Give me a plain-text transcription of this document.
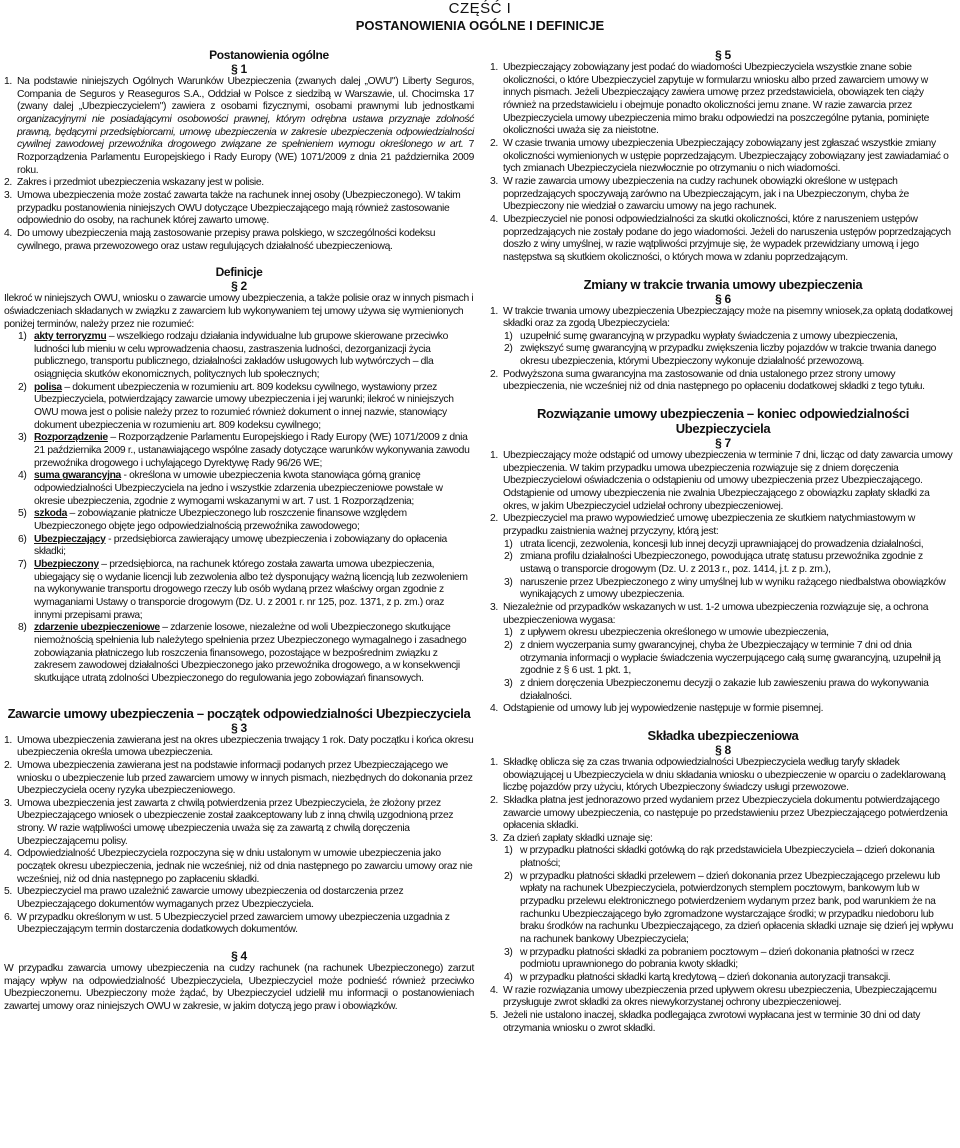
CZĘŚĆ I
POSTANOWIENIA OGÓLNE I DEFINICJE

Postanowienia ogólne

§ 1

1. Na podstawie niniejszych Ogólnych Warunków Ubezpieczenia (zwanych dalej „OWU") Liberty Seguros, Compania de Seguros y Reaseguros S.A., Oddział w Polsce z siedzibą w Warszawie, ul. Chocimska 17 (zwany dalej „Ubezpieczycielem") zawiera z osobami fizycznymi, osobami prawnymi lub jednostkami organizacyjnymi nie posiadającymi osobowości prawnej, którym odrębna ustawa przyznaje zdolność prawną, będącymi przedsiębiorcami, umowę ubezpieczenia w zakresie ubezpieczenia odpowiedzialności cywilnej zawodowej przewoźnika drogowego związane ze spełnieniem wymogu określonego w art. 7 Rozporządzenia Parlamentu Europejskiego i Rady Europy (WE) 1071/2009 z dnia 21 października 2009 roku.

2. Zakres i przedmiot ubezpieczenia wskazany jest w polisie.

3. Umowa ubezpieczenia może zostać zawarta także na rachunek innej osoby (Ubezpieczonego). W takim przypadku postanowienia niniejszych OWU dotyczące Ubezpieczającego mają również zastosowanie odpowiednio do osoby, na rachunek której zawarto umowę.

4. Do umowy ubezpieczenia mają zastosowanie przepisy prawa polskiego, w szczególności kodeksu cywilnego, prawa przewozowego oraz ustaw regulujących działalność ubezpieczeniową.

Definicje

§ 2

Ilekroć w niniejszych OWU, wniosku o zawarcie umowy ubezpieczenia, a także polisie oraz w innych pismach i oświadczeniach składanych w związku z zawarciem lub wykonywaniem tej umowy używa się wymienionych poniżej terminów, należy przez nie rozumieć:

1) akty terroryzmu – wszelkiego rodzaju działania indywidualne lub grupowe skierowane przeciwko ludności lub mieniu w celu wprowadzenia chaosu, zastraszenia ludności, dezorganizacji życia publicznego, transportu publicznego, działalności zakładów usługowych lub wytwórczych – dla osiągnięcia skutków ekonomicznych, politycznych lub społecznych;

2) polisa – dokument ubezpieczenia w rozumieniu art. 809 kodeksu cywilnego, wystawiony przez Ubezpieczyciela, potwierdzający zawarcie umowy ubezpieczenia i jej warunki; ilekroć w niniejszych OWU mowa jest o polisie należy przez to rozumieć również dokument o innej nazwie, stanowiący dokument ubezpieczenia w rozumieniu art. 809 kodeksu cywilnego;

3) Rozporządzenie – Rozporządzenie Parlamentu Europejskiego i Rady Europy (WE) 1071/2009 z dnia 21 października 2009 r., ustanawiającego wspólne zasady dotyczące warunków wykonywania zawodu przewoźnika drogowego i uchylającego Dyrektywę Rady 96/26 WE;

4) suma gwarancyjna - określona w umowie ubezpieczenia kwota stanowiąca górną granicę odpowiedzialności Ubezpieczyciela na jedno i wszystkie zdarzenia ubezpieczeniowe powstałe w okresie ubezpieczenia, zgodnie z wymogami wskazanymi w art. 7 ust. 1 Rozporządzenia;

5) szkoda – zobowiązanie płatnicze Ubezpieczonego lub roszczenie finansowe względem Ubezpieczonego objęte jego odpowiedzialnością przewoźnika zawodowego;

6) Ubezpieczający - przedsiębiorca zawierający umowę ubezpieczenia i zobowiązany do opłacenia składki;

7) Ubezpieczony – przedsiębiorca, na rachunek którego została zawarta umowa ubezpieczenia, ubiegający się o wydanie licencji lub zezwolenia albo też dysponujący ważną licencją lub zezwoleniem na wykonywanie transportu drogowego rzeczy lub osób wydaną przez właściwy organ zgodnie z wymaganiami Ustawy o transporcie drogowym (Dz. U. z 2001 r. nr 125, poz. 1371, z p. zm.) oraz innymi przepisami prawa;

8) zdarzenie ubezpieczeniowe – zdarzenie losowe, niezależne od woli Ubezpieczonego skutkujące niemożnością spełnienia lub należytego spełnienia przez Ubezpieczonego wymagalnego i zasadnego zobowiązania płatniczego lub roszczenia finansowego, pozostające w bezpośrednim związku z zakresem zawodowej działalności Ubezpieczonego jako przewoźnika drogowego, a w konsekwencji skutkujące utratą zdolności Ubezpieczonego do regulowania jego zobowiązań finansowych.

Zawarcie umowy ubezpieczenia – początek odpowiedzialności Ubezpieczyciela

§ 3

1. Umowa ubezpieczenia zawierana jest na okres ubezpieczenia trwający 1 rok. Daty początku i końca okresu ubezpieczenia określa umowa ubezpieczenia.

2. Umowa ubezpieczenia zawierana jest na podstawie informacji podanych przez Ubezpieczającego we wniosku o ubezpieczenie lub przed zawarciem umowy w innych pismach, niezbędnych do dokonania przez Ubezpieczyciela oceny ryzyka ubezpieczeniowego.

3. Umowa ubezpieczenia jest zawarta z chwilą potwierdzenia przez Ubezpieczyciela, że złożony przez Ubezpieczającego wniosek o ubezpieczenie został zaakceptowany lub z inną chwilą uzgodnioną przez strony. W razie wątpliwości umowę ubezpieczenia uważa się za zawartą z chwilą doręczenia Ubezpieczającemu polisy.

4. Odpowiedzialność Ubezpieczyciela rozpoczyna się w dniu ustalonym w umowie ubezpieczenia jako początek okresu ubezpieczenia, jednak nie wcześniej, niż od dnia następnego po zawarciu umowy oraz nie wcześniej, niż od dnia następnego po zapłaceniu składki.

5. Ubezpieczyciel ma prawo uzależnić zawarcie umowy ubezpieczenia od dostarczenia przez Ubezpieczającego dokumentów wymaganych przez Ubezpieczyciela.

6. W przypadku określonym w ust. 5 Ubezpieczyciel przed zawarciem umowy ubezpieczenia uzgadnia z Ubezpieczającym termin dostarczenia dodatkowych dokumentów.

§ 4

W przypadku zawarcia umowy ubezpieczenia na cudzy rachunek (na rachunek Ubezpieczonego) zarzut mający wpływ na odpowiedzialność Ubezpieczyciela, Ubezpieczyciel może podnieść również przeciwko Ubezpieczonemu. Ubezpieczony może żądać, by Ubezpieczyciel udzielił mu informacji o postanowieniach zawartej umowy oraz niniejszych OWU w zakresie, w jakim dotyczą jego praw i obowiązków.

§ 5

1. Ubezpieczający zobowiązany jest podać do wiadomości Ubezpieczyciela wszystkie znane sobie okoliczności, o które Ubezpieczyciel zapytuje w formularzu wniosku albo przed zawarciem umowy w innych pismach. Jeżeli Ubezpieczający zawiera umowę przez przedstawiciela, obowiązek ten ciąży również na przedstawicielu i obejmuje ponadto okoliczności jemu znane. W razie zawarcia przez Ubezpieczyciela umowy ubezpieczenia mimo braku odpowiedzi na poszczególne pytania, pominięte okoliczności uważa się za nieistotne.

2. W czasie trwania umowy ubezpieczenia Ubezpieczający zobowiązany jest zgłaszać wszystkie zmiany okoliczności wymienionych w ustępie poprzedzającym. Ubezpieczający zobowiązany jest zawiadamiać o tych zmianach Ubezpieczyciela niezwłocznie po otrzymaniu o nich wiadomości.

3. W razie zawarcia umowy ubezpieczenia na cudzy rachunek obowiązki określone w ustępach poprzedzających spoczywają zarówno na Ubezpieczającym, jak i na Ubezpieczonym, chyba że Ubezpieczony nie wiedział o zawarciu umowy na jego rachunek.

4. Ubezpieczyciel nie ponosi odpowiedzialności za skutki okoliczności, które z naruszeniem ustępów poprzedzających nie zostały podane do jego wiadomości. Jeżeli do naruszenia ustępów poprzedzających doszło z winy umyślnej, w razie wątpliwości przyjmuje się, że wypadek przewidziany umową i jego następstwa są skutkiem okoliczności, o których mowa w zdaniu poprzedzającym.

Zmiany w trakcie trwania umowy ubezpieczenia

§ 6

1. W trakcie trwania umowy ubezpieczenia Ubezpieczający może na pisemny wniosek,za opłatą dodatkowej składki oraz za zgodą Ubezpieczyciela:

1) uzupełnić sumę gwarancyjną w przypadku wypłaty świadczenia z umowy ubezpieczenia,

2) zwiększyć sumę gwarancyjną w przypadku zwiększenia liczby pojazdów w trakcie trwania danego okresu ubezpieczenia, którymi Ubezpieczony wykonuje działalność przewozową.

2. Podwyższona suma gwarancyjna ma zastosowanie od dnia ustalonego przez strony umowy ubezpieczenia, nie wcześniej niż od dnia następnego po opłaceniu dodatkowej składki z tego tytułu.

Rozwiązanie umowy ubezpieczenia – koniec odpowiedzialności Ubezpieczyciela

§ 7

1. Ubezpieczający może odstąpić od umowy ubezpieczenia w terminie 7 dni, licząc od daty zawarcia umowy ubezpieczenia. W takim przypadku umowa ubezpieczenia rozwiązuje się z dniem doręczenia Ubezpieczycielowi oświadczenia o odstąpieniu od umowy ubezpieczenia przez Ubezpieczającego. Odstąpienie od umowy ubezpieczenia nie zwalnia Ubezpieczającego z obowiązku zapłaty składki za okres, w jakim Ubezpieczyciel udzielał ochrony ubezpieczeniowej.

2. Ubezpieczyciel ma prawo wypowiedzieć umowę ubezpieczenia ze skutkiem natychmiastowym w przypadku zaistnienia ważnej przyczyny, którą jest:

1) utrata licencji, zezwolenia, koncesji lub innej decyzji uprawniającej do prowadzenia działalności,

2) zmiana profilu działalności Ubezpieczonego, powodująca utratę statusu przewoźnika zgodnie z ustawą o transporcie drogowym (Dz. U. z 2013 r., poz. 1414, j.t. z p. zm.),

3) naruszenie przez Ubezpieczonego z winy umyślnej lub w wyniku rażącego niedbalstwa obowiązków wynikających z umowy ubezpieczenia.

3. Niezależnie od przypadków wskazanych w ust. 1-2 umowa ubezpieczenia rozwiązuje się, a ochrona ubezpieczeniowa wygasa:

1) z upływem okresu ubezpieczenia określonego w umowie ubezpieczenia,

2) z dniem wyczerpania sumy gwarancyjnej, chyba że Ubezpieczający w terminie 7 dni od dnia otrzymania informacji o wypłacie świadczenia wyczerpującego całą sumę gwarancyjną, uzupełnił ją zgodnie z § 6 ust. 1 pkt. 1,

3) z dniem doręczenia Ubezpieczonemu decyzji o zakazie lub zawieszeniu prawa do wykonywania działalności.

4. Odstąpienie od umowy lub jej wypowiedzenie następuje w formie pisemnej.

Składka ubezpieczeniowa

§ 8

1. Składkę oblicza się za czas trwania odpowiedzialności Ubezpieczyciela według taryfy składek obowiązującej u Ubezpieczyciela w dniu składania wniosku o ubezpieczenie w oparciu o zadeklarowaną liczbę pojazdów przy użyciu, których Ubezpieczony świadczy usługi przewozowe.

2. Składka płatna jest jednorazowo przed wydaniem przez Ubezpieczyciela dokumentu potwierdzającego zawarcie umowy ubezpieczenia, co następuje po przedstawieniu przez Ubezpieczającego potwierdzenia opłacenia składki.

3. Za dzień zapłaty składki uznaje się:

1) w przypadku płatności składki gotówką do rąk przedstawiciela Ubezpieczyciela – dzień dokonania płatności;

2) w przypadku płatności składki przelewem – dzień dokonania przez Ubezpieczającego przelewu lub wpłaty na rachunek Ubezpieczyciela, potwierdzonych stemplem pocztowym, bankowym lub w przypadku przelewu elektronicznego potwierdzeniem wydanym przez bank, pod warunkiem że na rachunku Ubezpieczającego było zgromadzone wystarczające środki; w przypadku niedoboru lub braku środków na rachunku Ubezpieczającego, za dzień opłacenia składki uznaje się dzień jej wpływu na rachunek bankowy Ubezpieczyciela;

3) w przypadku płatności składki za pobraniem pocztowym – dzień dokonania płatności w rzecz podmiotu uprawnionego do pobrania kwoty składki;

4) w przypadku płatności składki kartą kredytową – dzień dokonania autoryzacji transakcji.

4. W razie rozwiązania umowy ubezpieczenia przed upływem okresu ubezpieczenia, Ubezpieczającemu przysługuje zwrot składki za okres niewykorzystanej ochrony ubezpieczeniowej.

5. Jeżeli nie ustalono inaczej, składka podlegająca zwrotowi wypłacana jest w terminie 30 dni od daty otrzymania wniosku o zwrot składki.
